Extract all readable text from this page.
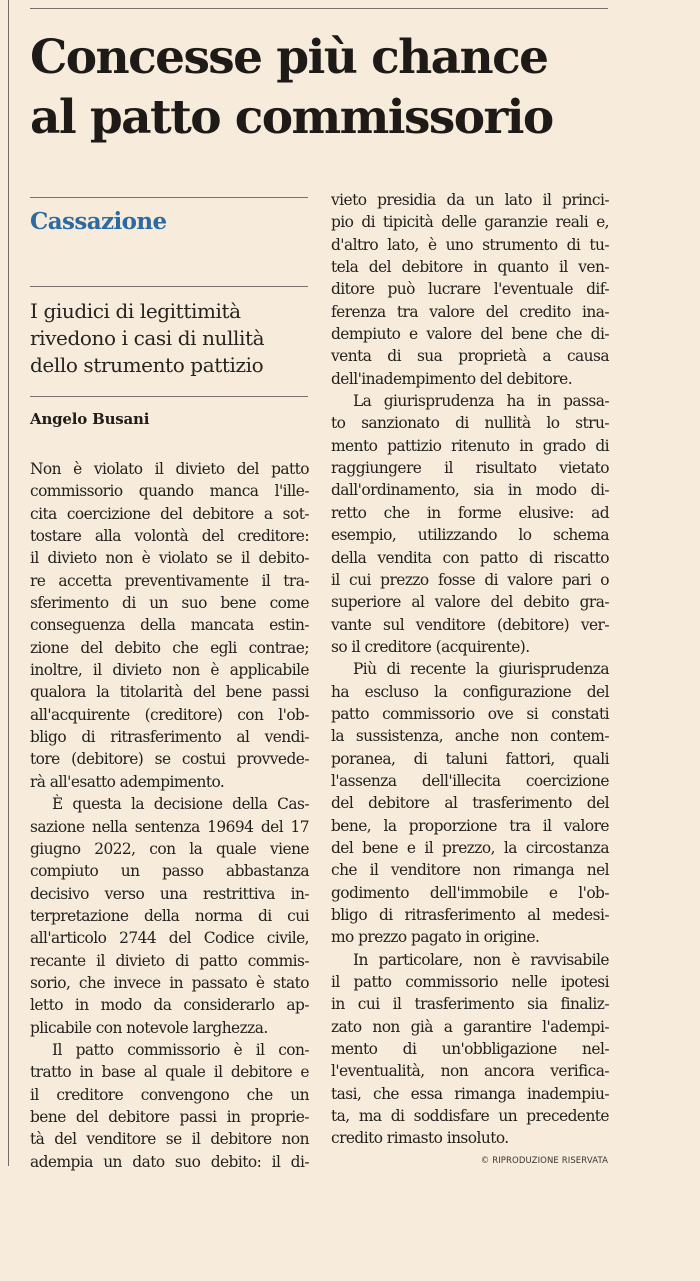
Concesse più chance
al patto commissorio
Cassazione

I giudici di legittimità
rivedono i casi di nullità
dello strumento pattizio

Angelo Busani

Non è violato il divieto del patto
commissorio quando manca l'ille-
cita coercizione del debitore a sot-
tostare alla volontà del creditore:
il divieto non è violato se il debito-
re accetta preventivamente il tra-
sferimento di un suo bene come
conseguenza della mancata estin-
zione del debito che egli contrae;
inoltre, il divieto non è applicabile
qualora la titolarità del bene passi
all'acquirente (creditore) con l'ob-
bligo di ritrasferimento al vendi-
tore (debitore) se costui provvede-
rà all'esatto adempimento.
È questa la decisione della Cas-
sazione nella sentenza 19694 del 17
giugno 2022, con la quale viene
compiuto un passo abbastanza
decisivo verso una restrittiva in-
terpretazione della norma di cui
all'articolo 2744 del Codice civile,
recante il divieto di patto commis-
sorio, che invece in passato è stato
letto in modo da considerarlo ap-
plicabile con notevole larghezza.
Il patto commissorio è il con-
tratto in base al quale il debitore e
il creditore convengono che un
bene del debitore passi in proprie-
tà del venditore se il debitore non
adempia un dato suo debito: il di-
vieto presidia da un lato il princi-
pio di tipicità delle garanzie reali e,
d'altro lato, è uno strumento di tu-
tela del debitore in quanto il ven-
ditore può lucrare l'eventuale dif-
ferenza tra valore del credito ina-
dempiuto e valore del bene che di-
venta di sua proprietà a causa
dell'inadempimento del debitore.
La giurisprudenza ha in passa-
to sanzionato di nullità lo stru-
mento pattizio ritenuto in grado di
raggiungere il risultato vietato
dall'ordinamento, sia in modo di-
retto che in forme elusive: ad
esempio, utilizzando lo schema
della vendita con patto di riscatto
il cui prezzo fosse di valore pari o
superiore al valore del debito gra-
vante sul venditore (debitore) ver-
so il creditore (acquirente).
Più di recente la giurisprudenza
ha escluso la configurazione del
patto commissorio ove si constati
la sussistenza, anche non contem-
poranea, di taluni fattori, quali
l'assenza dell'illecita coercizione
del debitore al trasferimento del
bene, la proporzione tra il valore
del bene e il prezzo, la circostanza
che il venditore non rimanga nel
godimento dell'immobile e l'ob-
bligo di ritrasferimento al medesi-
mo prezzo pagato in origine.
In particolare, non è ravvisabile
il patto commissorio nelle ipotesi
in cui il trasferimento sia finaliz-
zato non già a garantire l'adempi-
mento di un'obbligazione nel-
l'eventualità, non ancora verifica-
tasi, che essa rimanga inadempiu-
ta, ma di soddisfare un precedente
credito rimasto insoluto.
© RIPRODUZIONE RISERVATA
